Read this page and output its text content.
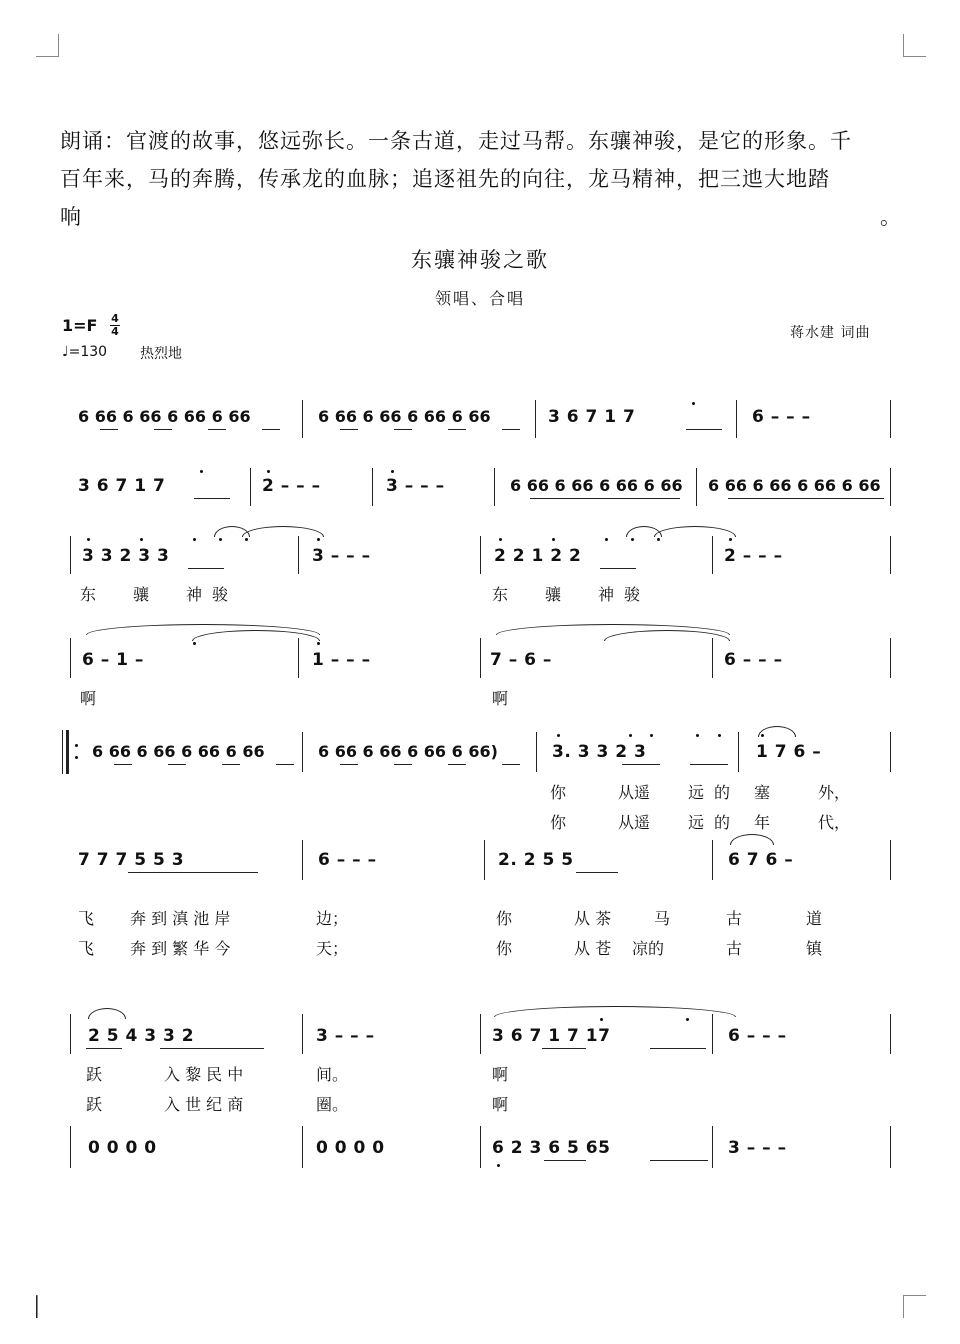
朗诵：官渡的故事，悠远弥长。一条古道，走过马帮。东骧神骏，是它的形象。千
百年来，马的奔腾，传承龙的血脉；追逐祖先的向往，龙马精神，把三迆大地踏
响	。
东骧神骏之歌
领唱、合唱
1=F 4
4
♩=130 热烈地
蒋水建 词曲
6 66 6 66 6 66 6 66	6 66 6 66 6 66 6 66	3 6 7 1 7	6 – – –
3 6 7 1 7	2 – – –	3 – – –	6 66 6 66 6 66 6 66 6 66 6 66 6 66 6 66
3 3 2 3 3	3 – – –	2 2 1 2 2	2 – – –
东 骧 神 骏	东 骧 神 骏
6 – 1 –	1 – – –	7 – 6 –	6 – – –
啊	啊
6 66 6 66 6 66 6 66	6 66 6 66 6 66 6 66)	3. 3 3 2 3	1 7 6 –
你	从遥 远 的 塞	外，
你	从遥 远 的 年	代，
7 7 7 5 5 3	6 – – –	2. 2 5 5	6 7 6 –
飞 奔 到 滇 池 岸	边；	你	从 茶	马	古	道
飞 奔 到 繁 华 今	天；	你	从 苍 凉的	古	镇
2 5 4 3 3 2	3 – – –	3 6 7 1 7 17	6 – – –
跃	入 黎 民 中	间。	啊
跃	入 世 纪 商	圈。	啊
0 0 0 0	0 0 0 0	6 2 3 6 5 65	3 – – –
